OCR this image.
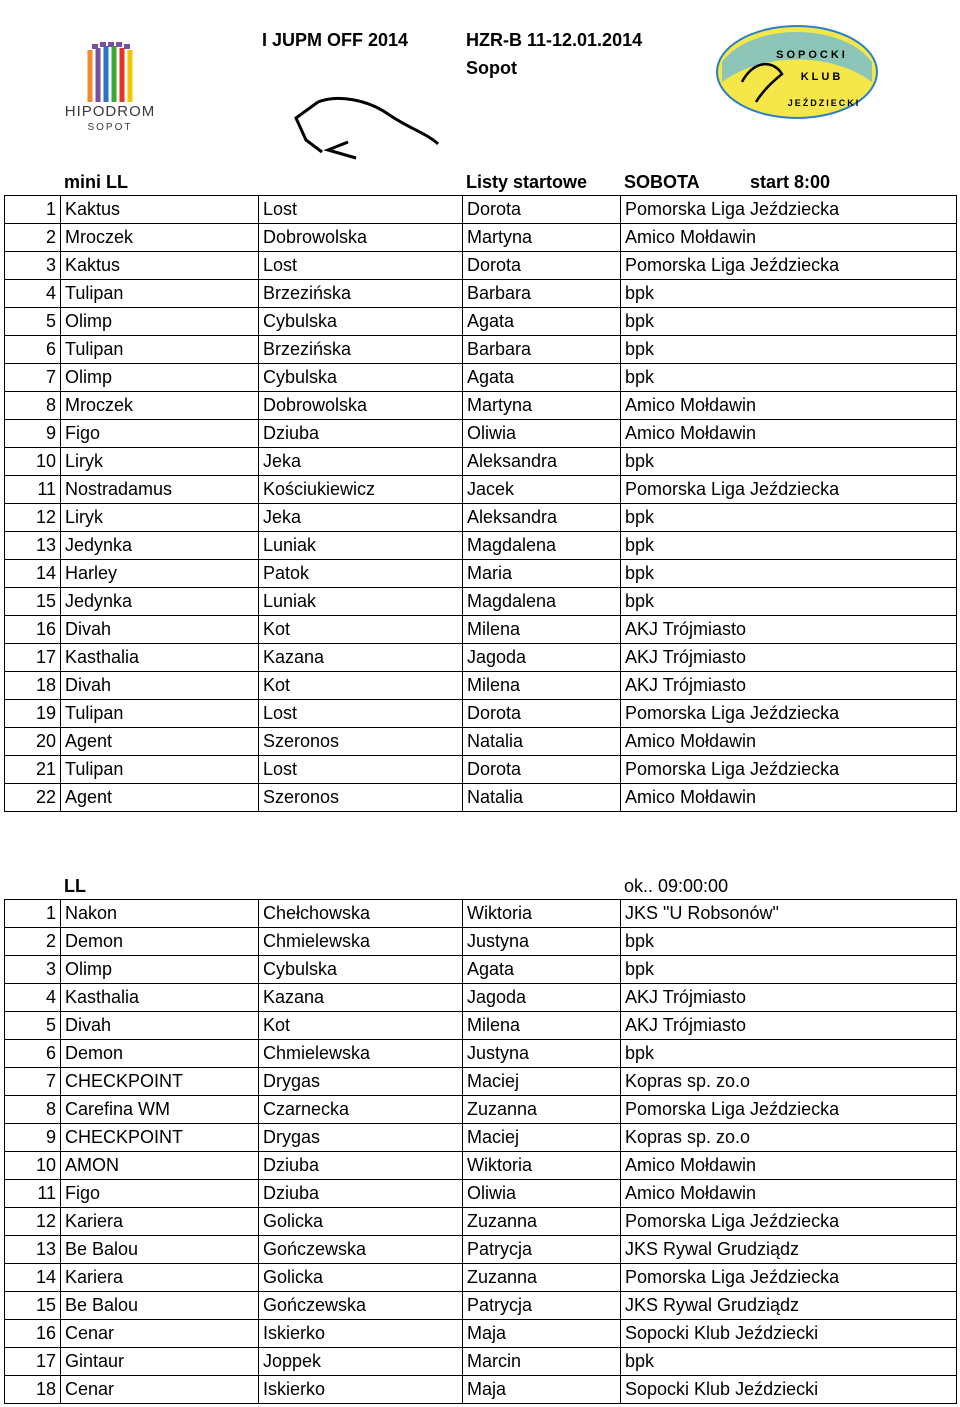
HIPODROM
SOPOT
I JUPM OFF 2014	HZR-B 11-12.01.2014
Sopot
SOPOCKI
KLUB
JEŹDZIECKI
mini LL	Listy startowe SOBOTA	start 8:00
1	Kaktus	Lost	Dorota	Pomorska Liga Jeździecka
2	Mroczek	Dobrowolska	Martyna	Amico Mołdawin
3	Kaktus	Lost	Dorota	Pomorska Liga Jeździecka
4	Tulipan	Brzezińska	Barbara	bpk
5	Olimp	Cybulska	Agata	bpk
6	Tulipan	Brzezińska	Barbara	bpk
7	Olimp	Cybulska	Agata	bpk
8	Mroczek	Dobrowolska	Martyna	Amico Mołdawin
9	Figo	Dziuba	Oliwia	Amico Mołdawin
10	Liryk	Jeka	Aleksandra	bpk
11	Nostradamus	Kościukiewicz	Jacek	Pomorska Liga Jeździecka
12	Liryk	Jeka	Aleksandra	bpk
13	Jedynka	Luniak	Magdalena	bpk
14	Harley	Patok	Maria	bpk
15	Jedynka	Luniak	Magdalena	bpk
16	Divah	Kot	Milena	AKJ Trójmiasto
17	Kasthalia	Kazana	Jagoda	AKJ Trójmiasto
18	Divah	Kot	Milena	AKJ Trójmiasto
19	Tulipan	Lost	Dorota	Pomorska Liga Jeździecka
20	Agent	Szeronos	Natalia	Amico Mołdawin
21	Tulipan	Lost	Dorota	Pomorska Liga Jeździecka
22	Agent	Szeronos	Natalia	Amico Mołdawin
LL	ok.. 09:00:00
1	Nakon	Chełchowska	Wiktoria	JKS "U Robsonów"
2	Demon	Chmielewska	Justyna	bpk
3	Olimp	Cybulska	Agata	bpk
4	Kasthalia	Kazana	Jagoda	AKJ Trójmiasto
5	Divah	Kot	Milena	AKJ Trójmiasto
6	Demon	Chmielewska	Justyna	bpk
7	CHECKPOINT	Drygas	Maciej	Kopras sp. zo.o
8	Carefina WM	Czarnecka	Zuzanna	Pomorska Liga Jeździecka
9	CHECKPOINT	Drygas	Maciej	Kopras sp. zo.o
10	AMON	Dziuba	Wiktoria	Amico Mołdawin
11	Figo	Dziuba	Oliwia	Amico Mołdawin
12	Kariera	Golicka	Zuzanna	Pomorska Liga Jeździecka
13	Be Balou	Gończewska	Patrycja	JKS Rywal Grudziądz
14	Kariera	Golicka	Zuzanna	Pomorska Liga Jeździecka
15	Be Balou	Gończewska	Patrycja	JKS Rywal Grudziądz
16	Cenar	Iskierko	Maja	Sopocki Klub Jeździecki
17	Gintaur	Joppek	Marcin	bpk
18	Cenar	Iskierko	Maja	Sopocki Klub Jeździecki
